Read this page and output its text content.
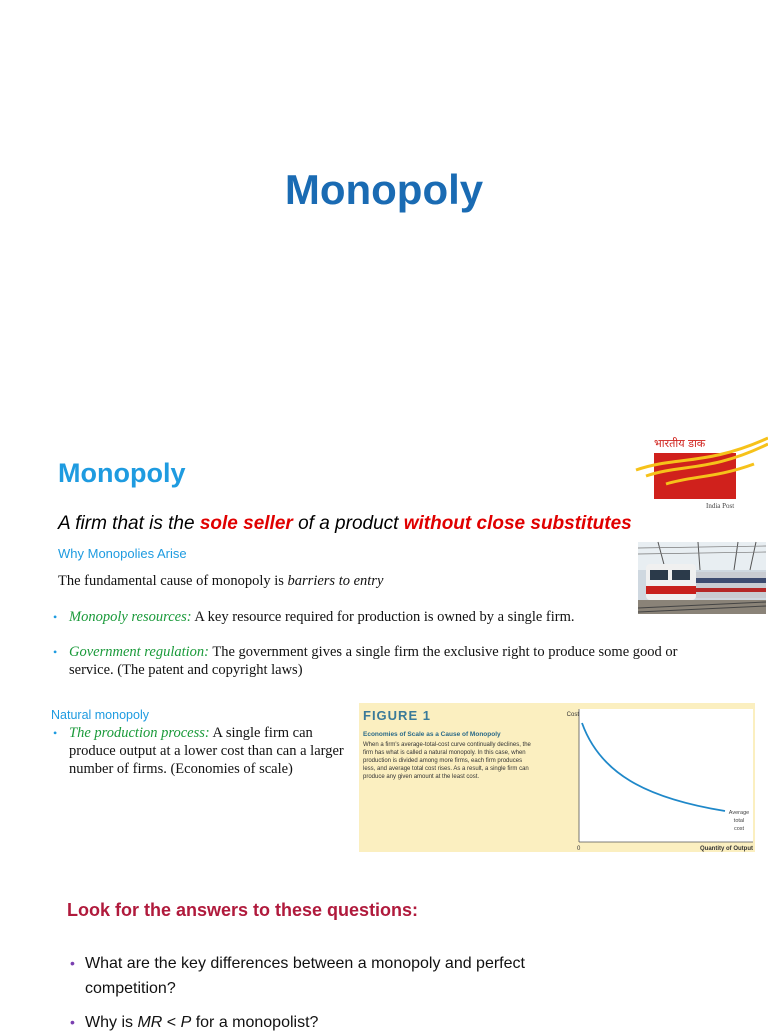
Monopoly
Monopoly
A firm that is the sole seller of a product without close substitutes
Why Monopolies Arise
The fundamental cause of monopoly is barriers to entry
• Monopoly resources: A key resource required for production is owned by a single firm.
• Government regulation: The government gives a single firm the exclusive right to produce some good or service. (The patent and copyright laws)
Natural monopoly
• The production process: A single firm can produce output at a lower cost than can a larger number of firms. (Economies of scale)
भारतीय डाक
India Post
FIGURE 1
Economies of Scale as a Cause of Monopoly
When a firm's average-total-cost curve continually declines, the firm has what is called a natural monopoly. In this case, when production is divided among more firms, each firm produces less, and average total cost rises. As a result, a single firm can produce any given amount at the least cost.
Cost
0	Quantity of Output
Average
total
cost
Look for the answers to these questions:
• What are the key differences between a monopoly and perfect competition?
• Why is MR < P for a monopolist?
